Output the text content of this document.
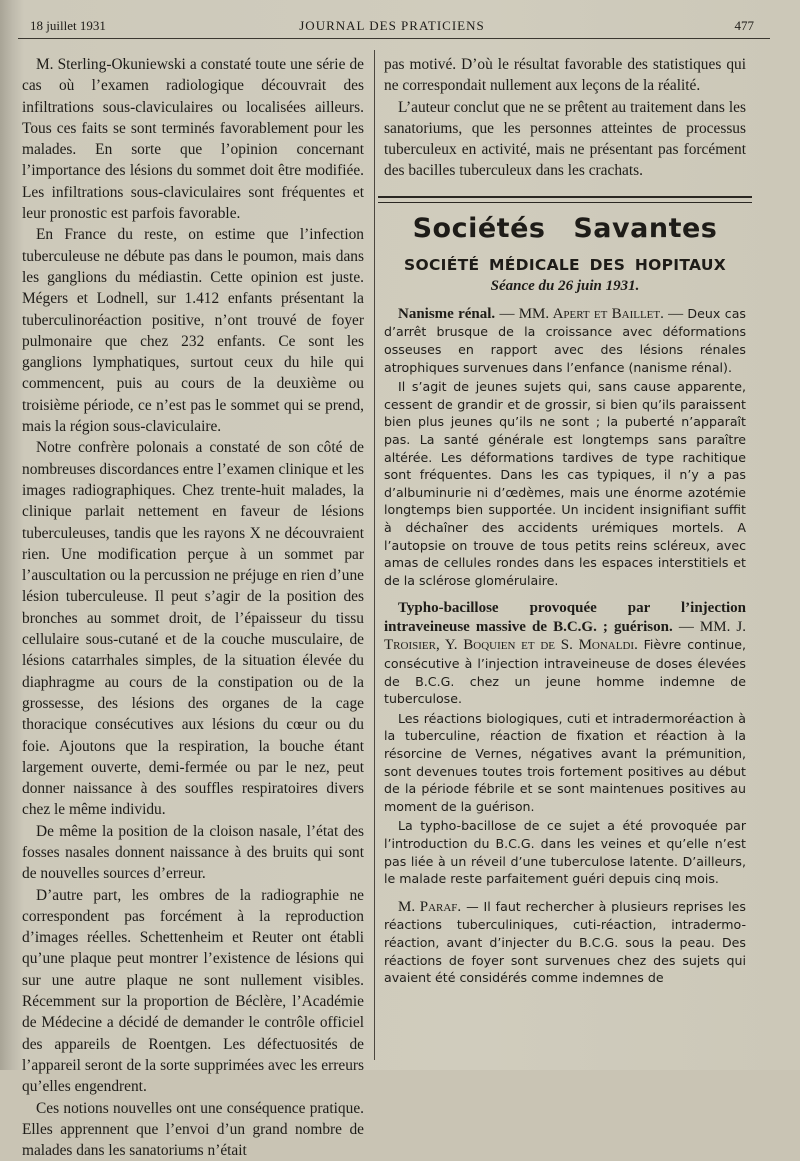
18 juillet 1931	JOURNAL DES PRATICIENS	477

M. Sterling-Okuniewski a constaté toute une série de cas où l’examen radiologique découvrait des infiltrations sous-claviculaires ou localisées ailleurs. Tous ces faits se sont terminés favorablement pour les malades. En sorte que l’opinion concernant l’importance des lésions du sommet doit être modifiée. Les infiltrations sous-claviculaires sont fréquentes et leur pronostic est parfois favorable.

En France du reste, on estime que l’infection tuberculeuse ne débute pas dans le poumon, mais dans les ganglions du médiastin. Cette opinion est juste. Mégers et Lodnell, sur 1.412 enfants présentant la tuberculinoréaction positive, n’ont trouvé de foyer pulmonaire que chez 232 enfants. Ce sont les ganglions lymphatiques, surtout ceux du hile qui commencent, puis au cours de la deuxième ou troisième période, ce n’est pas le sommet qui se prend, mais la région sous-claviculaire.

Notre confrère polonais a constaté de son côté de nombreuses discordances entre l’examen clinique et les images radiographiques. Chez trente-huit malades, la clinique parlait nettement en faveur de lésions tuberculeuses, tandis que les rayons X ne découvraient rien. Une modification perçue à un sommet par l’auscultation ou la percussion ne préjuge en rien d’une lésion tuberculeuse. Il peut s’agir de la position des bronches au sommet droit, de l’épaisseur du tissu cellulaire sous-cutané et de la couche musculaire, de lésions catarrhales simples, de la situation élevée du diaphragme au cours de la constipation ou de la grossesse, des lésions des organes de la cage thoracique consécutives aux lésions du cœur ou du foie. Ajoutons que la respiration, la bouche étant largement ouverte, demi-fermée ou par le nez, peut donner naissance à des souffles respiratoires divers chez le même individu.

De même la position de la cloison nasale, l’état des fosses nasales donnent naissance à des bruits qui sont de nouvelles sources d’erreur.

D’autre part, les ombres de la radiographie ne correspondent pas forcément à la reproduction d’images réelles. Schettenheim et Reuter ont établi qu’une plaque peut montrer l’existence de lésions qui sur une autre plaque ne sont nullement visibles. Récemment sur la proportion de Béclère, l’Académie de Médecine a décidé de demander le contrôle officiel des appareils de Roentgen. Les défectuosités de l’appareil seront de la sorte supprimées avec les erreurs qu’elles engendrent.

Ces notions nouvelles ont une conséquence pratique. Elles apprennent que l’envoi d’un grand nombre de malades dans les sanatoriums n’était

pas motivé. D’où le résultat favorable des statistiques qui ne correspondait nullement aux leçons de la réalité.

L’auteur conclut que ne se prêtent au traitement dans les sanatoriums, que les personnes atteintes de processus tuberculeux en activité, mais ne présentant pas forcément des bacilles tuberculeux dans les crachats.

Sociétés Savantes
SOCIÉTÉ MÉDICALE DES HOPITAUX
Séance du 26 juin 1931.

Nanisme rénal. — MM. Apert et Baillet. — Deux cas d’arrêt brusque de la croissance avec déformations osseuses en rapport avec des lésions rénales atrophiques survenues dans l’enfance (nanisme rénal).

Il s’agit de jeunes sujets qui, sans cause apparente, cessent de grandir et de grossir, si bien qu’ils paraissent bien plus jeunes qu’ils ne sont ; la puberté n’apparaît pas. La santé générale est longtemps sans paraître altérée. Les déformations tardives de type rachitique sont fréquentes. Dans les cas typiques, il n’y a pas d’albuminurie ni d’œdèmes, mais une énorme azotémie longtemps bien supportée. Un incident insignifiant suffit à déchaîner des accidents urémiques mortels. A l’autopsie on trouve de tous petits reins scléreux, avec amas de cellules rondes dans les espaces interstitiels et de la sclérose glomérulaire.

Typho-bacillose provoquée par l’injection intraveineuse massive de B.C.G. ; guérison. — MM. J. Troisier, Y. Boquien et de S. Monaldi. Fièvre continue, consécutive à l’injection intraveineuse de doses élevées de B.C.G. chez un jeune homme indemne de tuberculose.

Les réactions biologiques, cuti et intradermoréaction à la tuberculine, réaction de fixation et réaction à la résorcine de Vernes, négatives avant la prémunition, sont devenues toutes trois fortement positives au début de la période fébrile et se sont maintenues positives au moment de la guérison.

La typho-bacillose de ce sujet a été provoquée par l’introduction du B.C.G. dans les veines et qu’elle n’est pas liée à un réveil d’une tuberculose latente. D’ailleurs, le malade reste parfaitement guéri depuis cinq mois.

M. Paraf. — Il faut rechercher à plusieurs reprises les réactions tuberculiniques, cuti-réaction, intradermo-réaction, avant d’injecter du B.C.G. sous la peau. Des réactions de foyer sont survenues chez des sujets qui avaient été considérés comme indemnes de
